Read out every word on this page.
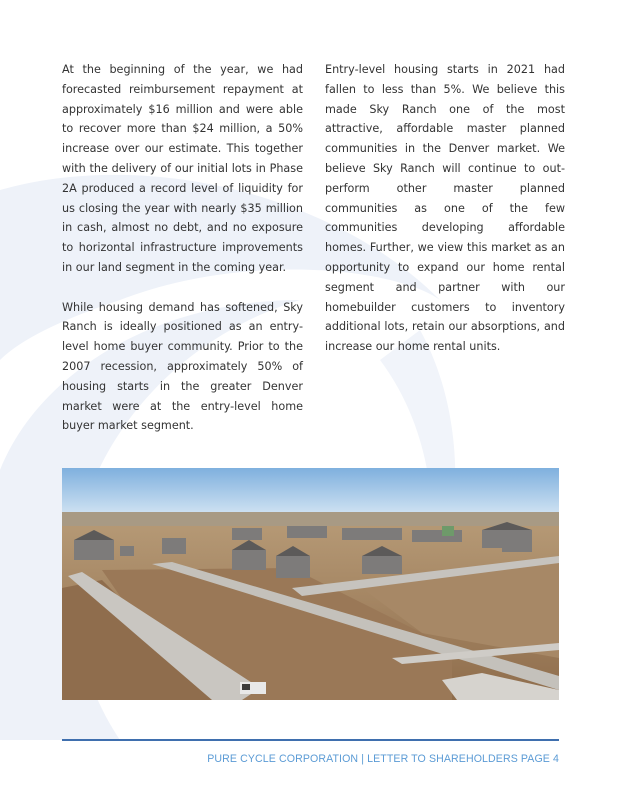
At the beginning of the year, we had forecasted reimbursement repayment at approximately $16 million and were able to recover more than $24 million, a 50% increase over our estimate. This together with the delivery of our initial lots in Phase 2A produced a record level of liquidity for us closing the year with nearly $35 million in cash, almost no debt, and no exposure to horizontal infrastructure improvements in our land segment in the coming year.

While housing demand has softened, Sky Ranch is ideally positioned as an entry-level home buyer community. Prior to the 2007 recession, approximately 50% of housing starts in the greater Denver market were at the entry-level home buyer market segment.

Entry-level housing starts in 2021 had fallen to less than 5%. We believe this made Sky Ranch one of the most attractive, affordable master planned communities in the Denver market. We believe Sky Ranch will continue to out-perform other master planned communities as one of the few communities developing affordable homes. Further, we view this market as an opportunity to expand our home rental segment and partner with our homebuilder customers to inventory additional lots, retain our absorptions, and increase our home rental units.

PURE CYCLE CORPORATION | LETTER TO SHAREHOLDERS PAGE 4
